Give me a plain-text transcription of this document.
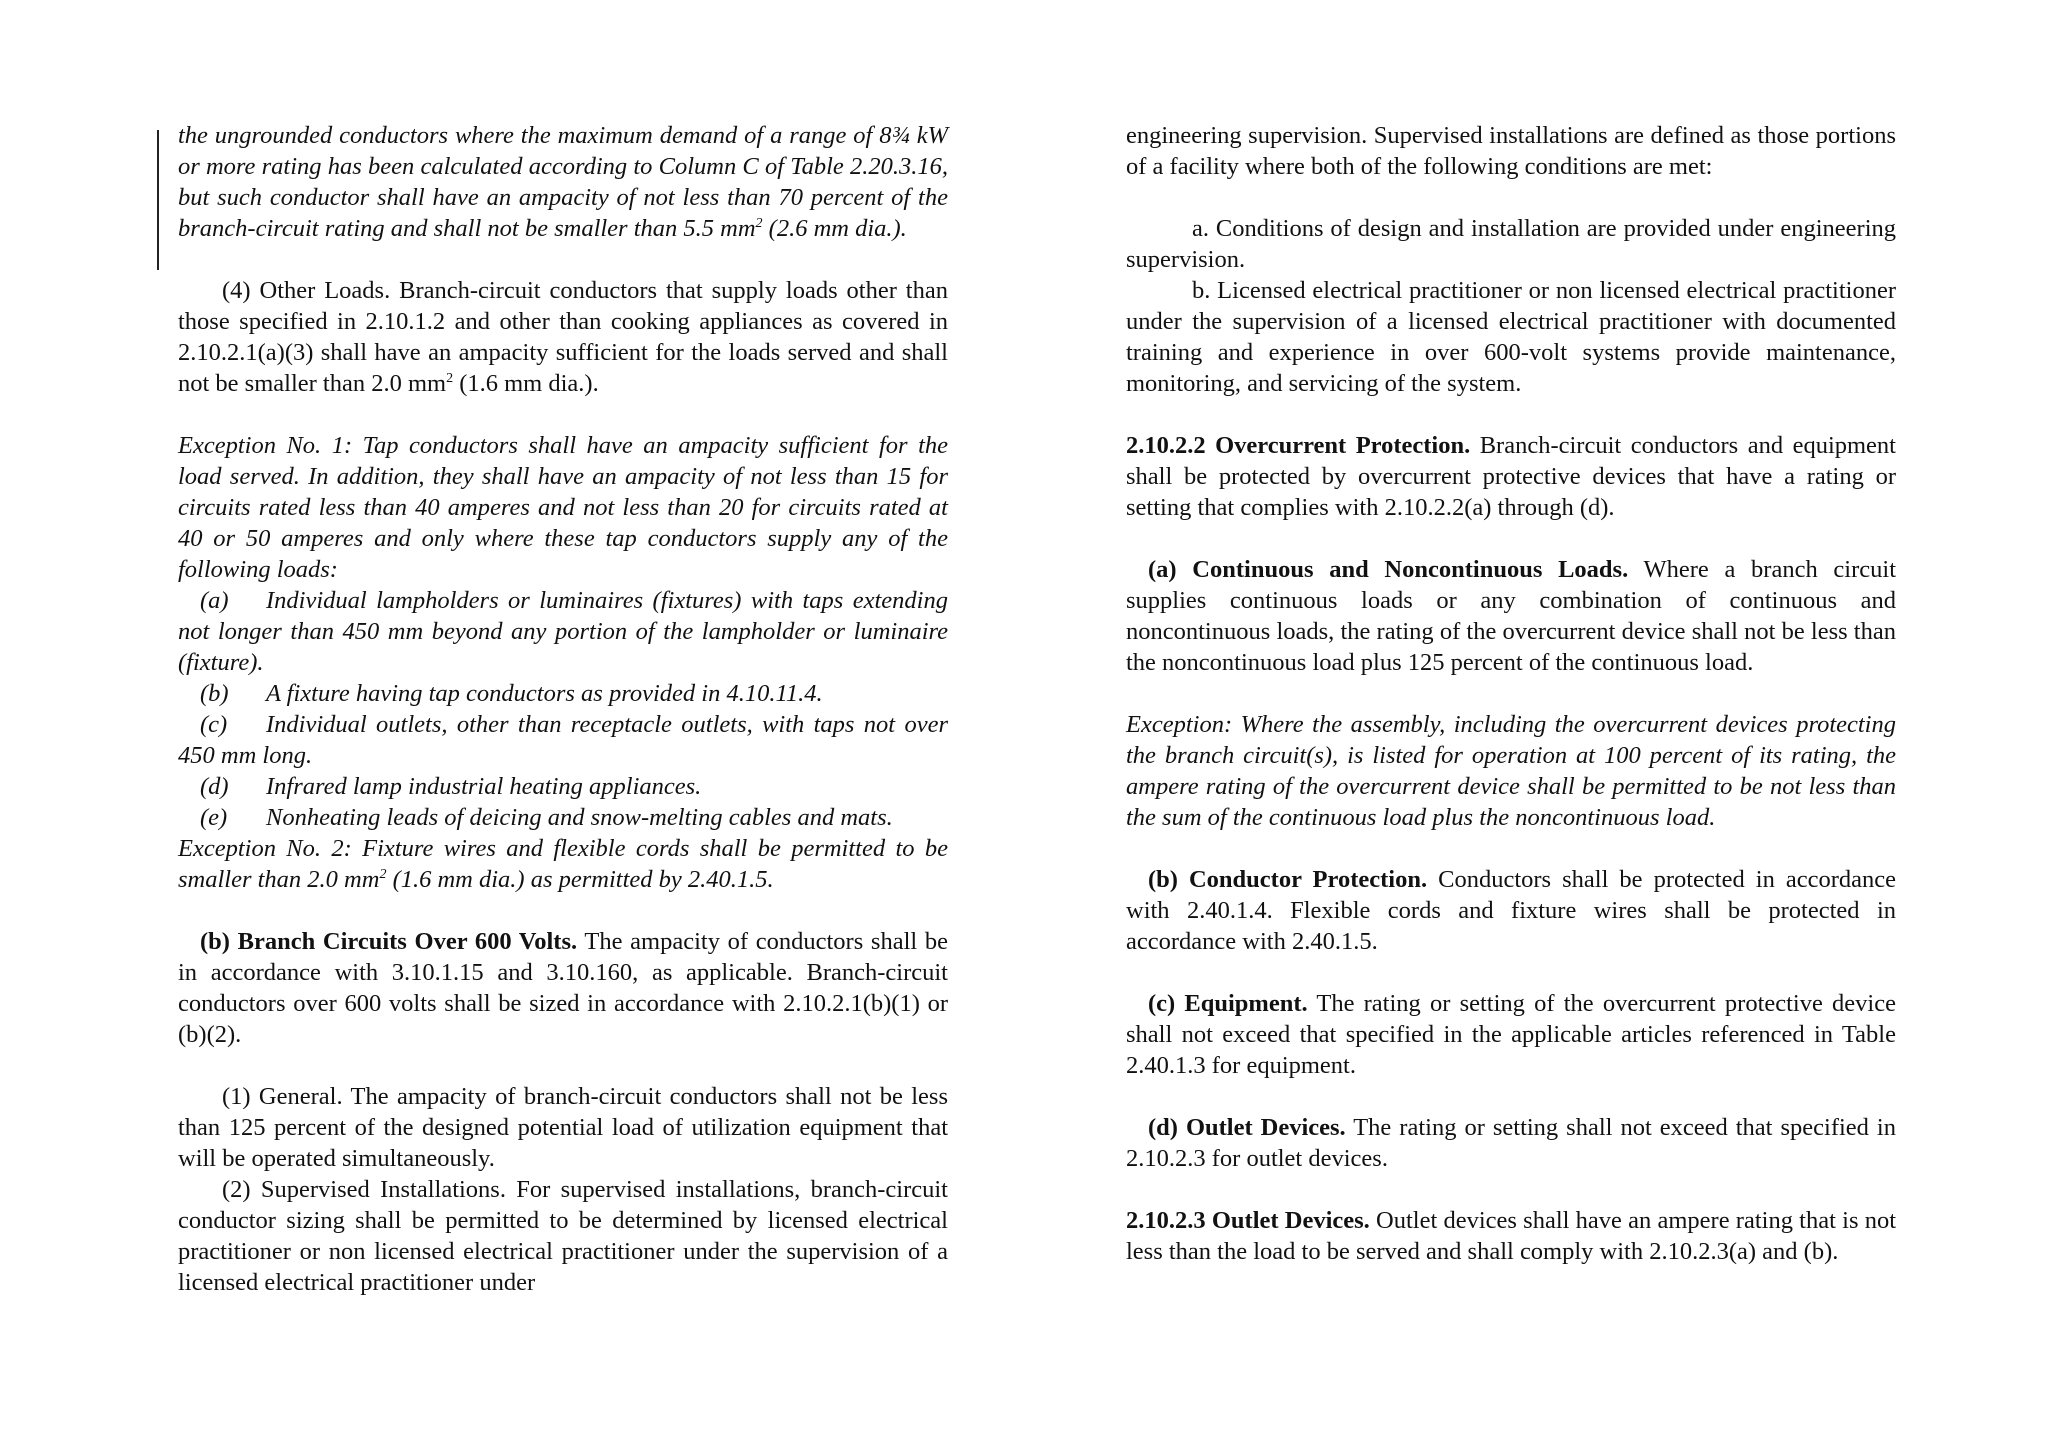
the ungrounded conductors where the maximum demand of a range of 8¾ kW or more rating has been calculated according to Column C of Table 2.20.3.16, but such conductor shall have an ampacity of not less than 70 percent of the branch-circuit rating and shall not be smaller than 5.5 $mm^2$ (2.6 mm dia.).

(4) Other Loads. Branch-circuit conductors that supply loads other than those specified in 2.10.1.2 and other than cooking appliances as covered in 2.10.2.1(a)(3) shall have an ampacity sufficient for the loads served and shall not be smaller than 2.0 $mm^2$ (1.6 mm dia.).

Exception No. 1: Tap conductors shall have an ampacity sufficient for the load served. In addition, they shall have an ampacity of not less than 15 for circuits rated less than 40 amperes and not less than 20 for circuits rated at 40 or 50 amperes and only where these tap conductors supply any of the following loads:

(a) Individual lampholders or luminaires (fixtures) with taps extending not longer than 450 mm beyond any portion of the lampholder or luminaire (fixture).

(b) A fixture having tap conductors as provided in 4.10.11.4.

(c) Individual outlets, other than receptacle outlets, with taps not over 450 mm long.

(d) Infrared lamp industrial heating appliances.

(e) Nonheating leads of deicing and snow-melting cables and mats.

Exception No. 2: Fixture wires and flexible cords shall be permitted to be smaller than 2.0 $mm^2$ (1.6 mm dia.) as permitted by 2.40.1.5.

(b) Branch Circuits Over 600 Volts. The ampacity of conductors shall be in accordance with 3.10.1.15 and 3.10.160, as applicable. Branch-circuit conductors over 600 volts shall be sized in accordance with 2.10.2.1(b)(1) or (b)(2).

(1) General. The ampacity of branch-circuit conductors shall not be less than 125 percent of the designed potential load of utilization equipment that will be operated simultaneously.

(2) Supervised Installations. For supervised installations, branch-circuit conductor sizing shall be permitted to be determined by licensed electrical practitioner or non licensed electrical practitioner under the supervision of a licensed electrical practitioner under

engineering supervision. Supervised installations are defined as those portions of a facility where both of the following conditions are met:

a. Conditions of design and installation are provided under engineering supervision.

b. Licensed electrical practitioner or non licensed electrical practitioner under the supervision of a licensed electrical practitioner with documented training and experience in over 600-volt systems provide maintenance, monitoring, and servicing of the system.

2.10.2.2 Overcurrent Protection. Branch-circuit conductors and equipment shall be protected by overcurrent protective devices that have a rating or setting that complies with 2.10.2.2(a) through (d).

(a) Continuous and Noncontinuous Loads. Where a branch circuit supplies continuous loads or any combination of continuous and noncontinuous loads, the rating of the overcurrent device shall not be less than the noncontinuous load plus 125 percent of the continuous load.

Exception: Where the assembly, including the overcurrent devices protecting the branch circuit(s), is listed for operation at 100 percent of its rating, the ampere rating of the overcurrent device shall be permitted to be not less than the sum of the continuous load plus the noncontinuous load.

(b) Conductor Protection. Conductors shall be protected in accordance with 2.40.1.4. Flexible cords and fixture wires shall be protected in accordance with 2.40.1.5.

(c) Equipment. The rating or setting of the overcurrent protective device shall not exceed that specified in the applicable articles referenced in Table 2.40.1.3 for equipment.

(d) Outlet Devices. The rating or setting shall not exceed that specified in 2.10.2.3 for outlet devices.

2.10.2.3 Outlet Devices. Outlet devices shall have an ampere rating that is not less than the load to be served and shall comply with 2.10.2.3(a) and (b).
